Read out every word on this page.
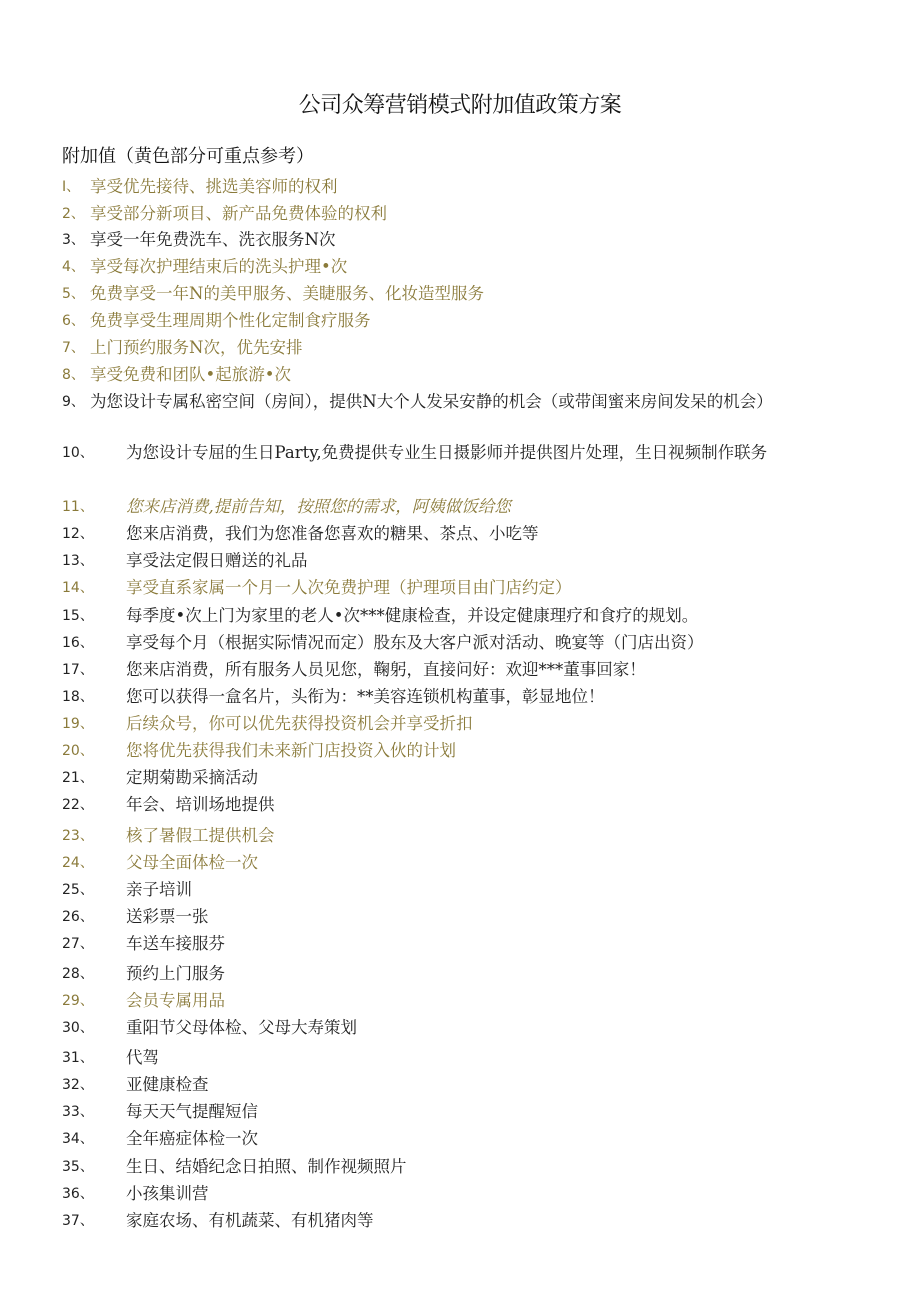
公司众筹营销模式附加值政策方案
附加值（黄色部分可重点参考）
I、 享受优先接待、挑选美容师的权利
2、 享受部分新项目、新产品免费体验的权利
3、 享受一年免费洗车、洗衣服务N次
4、 享受每次护理结束后的洗头护理•次
5、 免费享受一年N的美甲服务、美睫服务、化妆造型服务
6、 免费享受生理周期个性化定制食疗服务
7、 上门预约服务N次，优先安排
8、 享受免费和团队•起旅游•次
9、 为您设计专属私密空间（房间），提供N大个人发呆安静的机会（或带闺蜜来房间发呆的机会）
10、 为您设计专屈的生日Party,免费提供专业生日摄影师并提供图片处理，生日视频制作联务
11、 您来店消费,提前告知，按照您的需求，阿姨做饭给您
12、 您来店消费，我们为您准备您喜欢的糖果、茶点、小吃等
13、 享受法定假日赠送的礼品
14、 享受直系家属一个月一人次免费护理（护理项目由门店约定）
15、 每季度•次上门为家里的老人•次***健康检查，并设定健康理疗和食疗的规划。
16、 享受每个月（根据实际情况而定）股东及大客户派对活动、晚宴等（门店出资）
17、 您来店消费，所有服务人员见您，鞠躬，直接问好：欢迎***董事回家！
18、 您可以获得一盒名片，头衔为：**美容连锁机构董事，彰显地位！
19、 后续众号，你可以优先获得投资机会并享受折扣
20、 您将优先获得我们未来新门店投资入伙的计划
21、 定期菊勘采摘活动
22、 年会、培训场地提供
23、 核了暑假工提供机会
24、 父母全面体检一次
25、 亲子培训
26、 送彩票一张
27、 车送车接服芬
28、 预约上门服务
29、 会员专属用品
30、 重阳节父母体检、父母大寿策划
31、 代驾
32、 亚健康检查
33、 每天天气提醒短信
34、 全年癌症体检一次
35、 生日、结婚纪念日拍照、制作视频照片
36、 小孩集训营
37、 家庭农场、有机蔬菜、有机猪肉等
